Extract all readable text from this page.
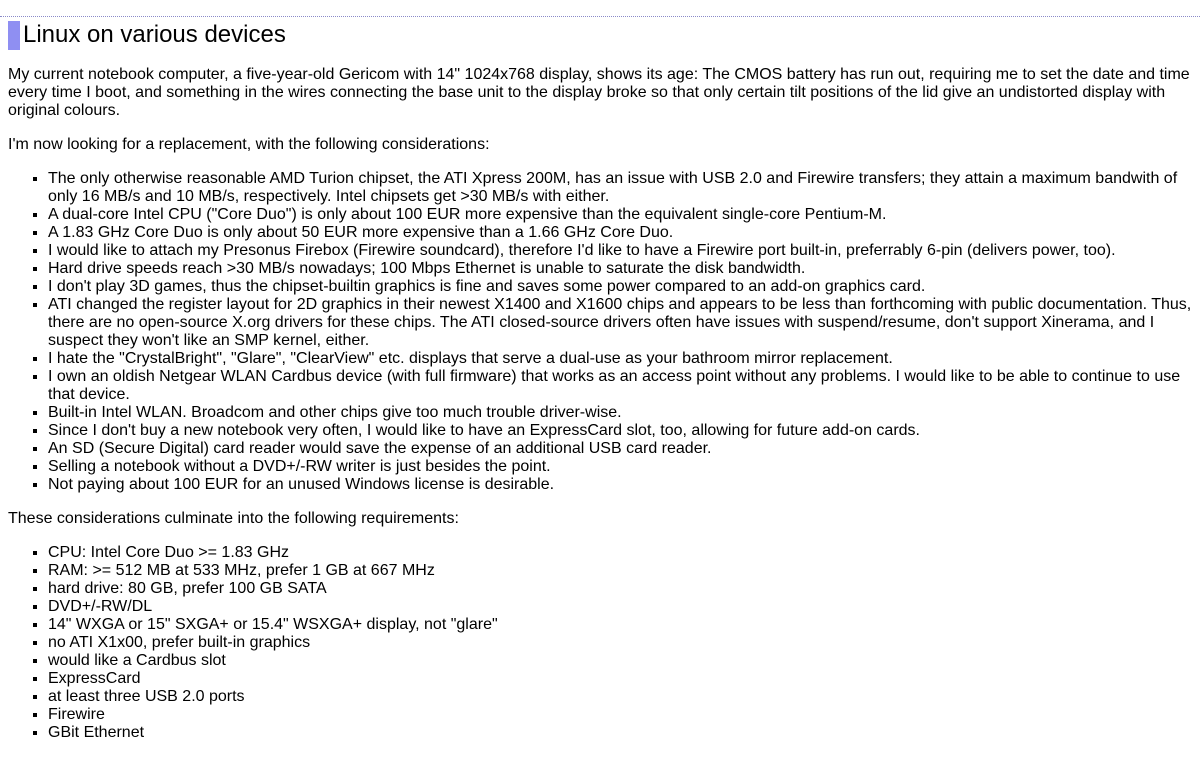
Linux on various devices

My current notebook computer, a five-year-old Gericom with 14" 1024x768 display, shows its age: The CMOS battery has run out, requiring me to set the date and time every time I boot, and something in the wires connecting the base unit to the display broke so that only certain tilt positions of the lid give an undistorted display with original colours.

I'm now looking for a replacement, with the following considerations:

▪ The only otherwise reasonable AMD Turion chipset, the ATI Xpress 200M, has an issue with USB 2.0 and Firewire transfers; they attain a maximum bandwith of only 16 MB/s and 10 MB/s, respectively. Intel chipsets get >30 MB/s with either.
▪ A dual-core Intel CPU ("Core Duo") is only about 100 EUR more expensive than the equivalent single-core Pentium-M.
▪ A 1.83 GHz Core Duo is only about 50 EUR more expensive than a 1.66 GHz Core Duo.
▪ I would like to attach my Presonus Firebox (Firewire soundcard), therefore I'd like to have a Firewire port built-in, preferrably 6-pin (delivers power, too).
▪ Hard drive speeds reach >30 MB/s nowadays; 100 Mbps Ethernet is unable to saturate the disk bandwidth.
▪ I don't play 3D games, thus the chipset-builtin graphics is fine and saves some power compared to an add-on graphics card.
▪ ATI changed the register layout for 2D graphics in their newest X1400 and X1600 chips and appears to be less than forthcoming with public documentation. Thus, there are no open-source X.org drivers for these chips. The ATI closed-source drivers often have issues with suspend/resume, don't support Xinerama, and I suspect they won't like an SMP kernel, either.
▪ I hate the "CrystalBright", "Glare", "ClearView" etc. displays that serve a dual-use as your bathroom mirror replacement.
▪ I own an oldish Netgear WLAN Cardbus device (with full firmware) that works as an access point without any problems. I would like to be able to continue to use that device.
▪ Built-in Intel WLAN. Broadcom and other chips give too much trouble driver-wise.
▪ Since I don't buy a new notebook very often, I would like to have an ExpressCard slot, too, allowing for future add-on cards.
▪ An SD (Secure Digital) card reader would save the expense of an additional USB card reader.
▪ Selling a notebook without a DVD+/-RW writer is just besides the point.
▪ Not paying about 100 EUR for an unused Windows license is desirable.

These considerations culminate into the following requirements:

▪ CPU: Intel Core Duo >= 1.83 GHz
▪ RAM: >= 512 MB at 533 MHz, prefer 1 GB at 667 MHz
▪ hard drive: 80 GB, prefer 100 GB SATA
▪ DVD+/-RW/DL
▪ 14" WXGA or 15" SXGA+ or 15.4" WSXGA+ display, not "glare"
▪ no ATI X1x00, prefer built-in graphics
▪ would like a Cardbus slot
▪ ExpressCard
▪ at least three USB 2.0 ports
▪ Firewire
▪ GBit Ethernet
